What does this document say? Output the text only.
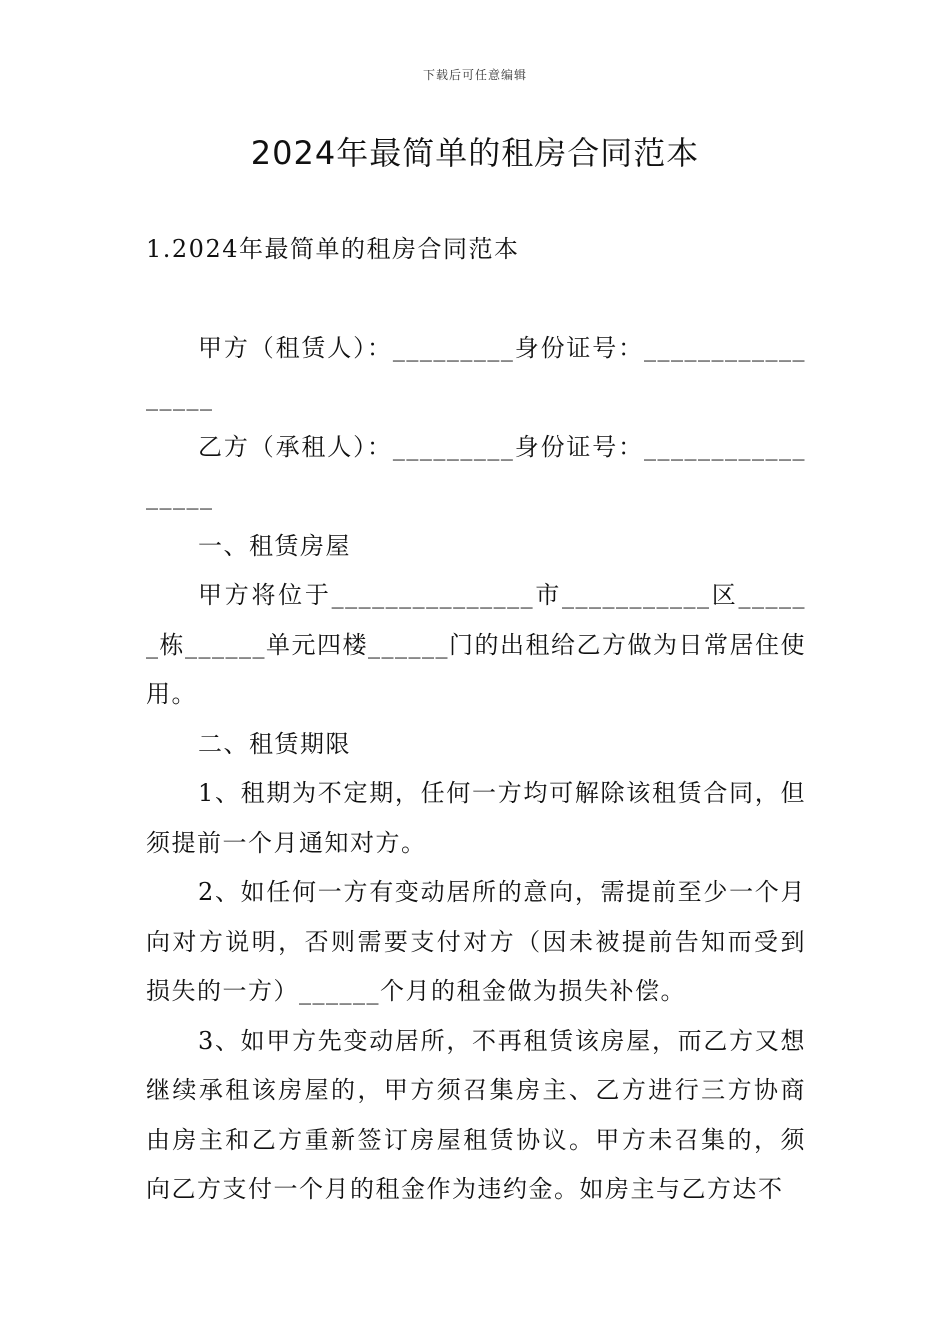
下载后可任意编辑
2024年最简单的租房合同范本

1.2024年最简单的租房合同范本

甲方（租赁人）：_________身份证号：_________________

乙方（承租人）：_________身份证号：_________________

一、租赁房屋

甲方将位于_______________市___________区______栋______单元四楼______门的出租给乙方做为日常居住使用。

二、租赁期限

1、租期为不定期，任何一方均可解除该租赁合同，但须提前一个月通知对方。

2、如任何一方有变动居所的意向，需提前至少一个月向对方说明，否则需要支付对方（因未被提前告知而受到损失的一方）______个月的租金做为损失补偿。

3、如甲方先变动居所，不再租赁该房屋，而乙方又想继续承租该房屋的，甲方须召集房主、乙方进行三方协商由房主和乙方重新签订房屋租赁协议。甲方未召集的，须向乙方支付一个月的租金作为违约金。如房主与乙方达不
